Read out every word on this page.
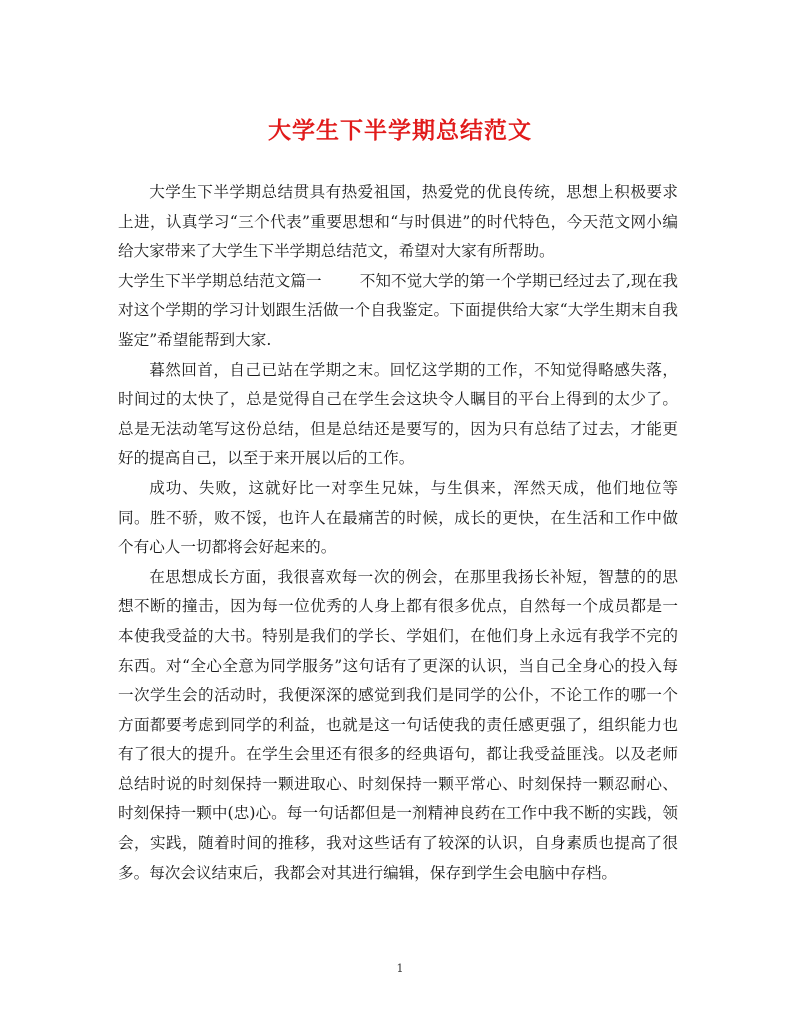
大学生下半学期总结范文

大学生下半学期总结贯具有热爱祖国，热爱党的优良传统，思想上积极要求上进，认真学习“三个代表”重要思想和“与时俱进”的时代特色，今天范文网小编给大家带来了大学生下半学期总结范文，希望对大家有所帮助。

大学生下半学期总结范文篇一 不知不觉大学的第一个学期已经过去了,现在我对这个学期的学习计划跟生活做一个自我鉴定。下面提供给大家“大学生期末自我鉴定”希望能帮到大家.

暮然回首，自己已站在学期之末。回忆这学期的工作，不知觉得略感失落，时间过的太快了，总是觉得自己在学生会这块令人瞩目的平台上得到的太少了。总是无法动笔写这份总结，但是总结还是要写的，因为只有总结了过去，才能更好的提高自己，以至于来开展以后的工作。

成功、失败，这就好比一对孪生兄妹，与生俱来，浑然天成，他们地位等同。胜不骄，败不馁，也许人在最痛苦的时候，成长的更快，在生活和工作中做个有心人一切都将会好起来的。

在思想成长方面，我很喜欢每一次的例会，在那里我扬长补短，智慧的的思想不断的撞击，因为每一位优秀的人身上都有很多优点，自然每一个成员都是一本使我受益的大书。特别是我们的学长、学姐们，在他们身上永远有我学不完的东西。对“全心全意为同学服务”这句话有了更深的认识，当自己全身心的投入每一次学生会的活动时，我便深深的感觉到我们是同学的公仆，不论工作的哪一个方面都要考虑到同学的利益，也就是这一句话使我的责任感更强了，组织能力也有了很大的提升。在学生会里还有很多的经典语句，都让我受益匪浅。以及老师总结时说的时刻保持一颗进取心、时刻保持一颗平常心、时刻保持一颗忍耐心、时刻保持一颗中(忠)心。每一句话都但是一剂精神良药在工作中我不断的实践，领会，实践，随着时间的推移，我对这些话有了较深的认识，自身素质也提高了很多。每次会议结束后，我都会对其进行编辑，保存到学生会电脑中存档。

1
